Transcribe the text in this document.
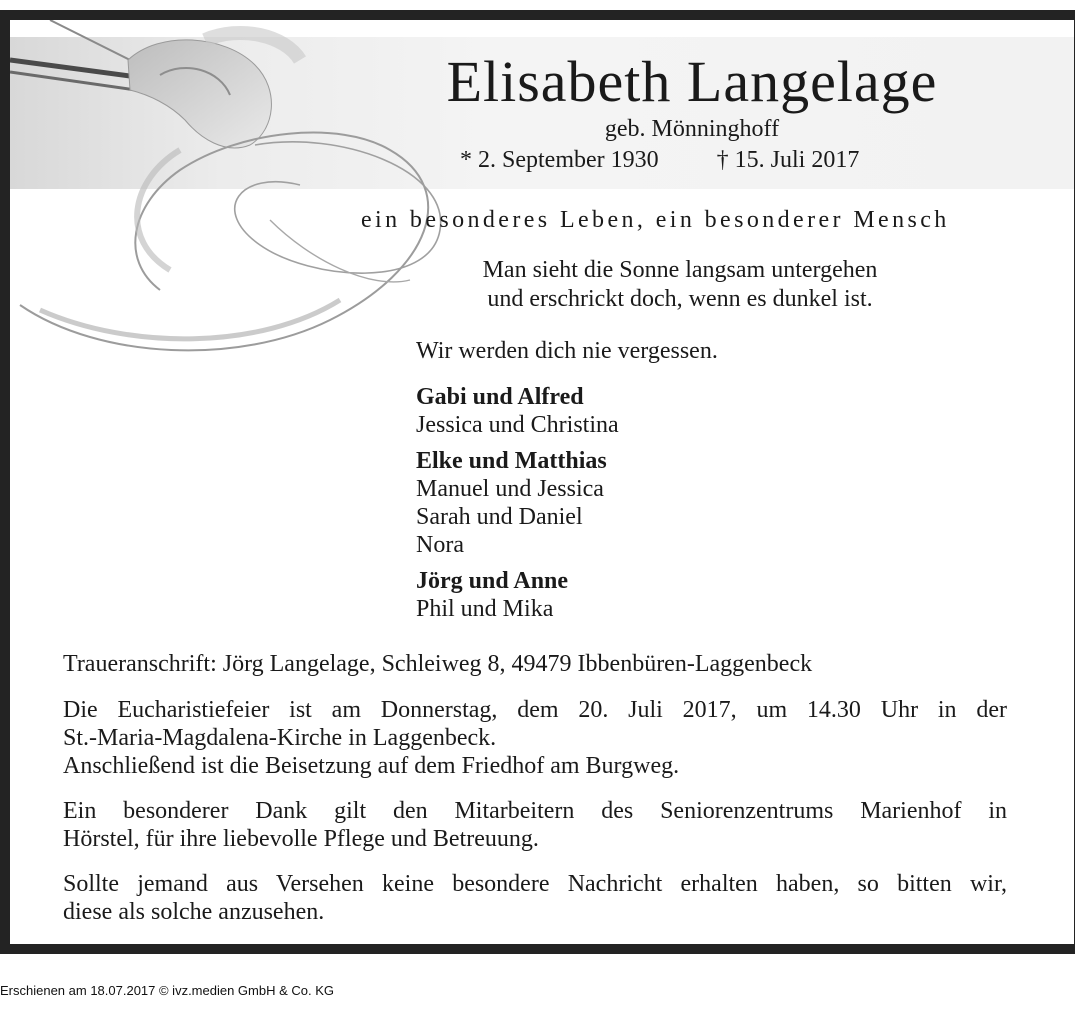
Elisabeth Langelage
geb. Mönninghoff
* 2. September 1930 † 15. Juli 2017
ein besonderes Leben, ein besonderer Mensch
Man sieht die Sonne langsam untergehen
und erschrickt doch, wenn es dunkel ist.
Wir werden dich nie vergessen.
Gabi und Alfred
Jessica und Christina
Elke und Matthias
Manuel und Jessica
Sarah und Daniel
Nora
Jörg und Anne
Phil und Mika

Traueranschrift: Jörg Langelage, Schleiweg 8, 49479 Ibbenbüren-Laggenbeck

Die Eucharistiefeier ist am Donnerstag, dem 20. Juli 2017, um 14.30 Uhr in der

St.-Maria-Magdalena-Kirche in Laggenbeck.

Anschließend ist die Beisetzung auf dem Friedhof am Burgweg.

Ein besonderer Dank gilt den Mitarbeitern des Seniorenzentrums Marienhof in

Hörstel, für ihre liebevolle Pflege und Betreuung.

Sollte jemand aus Versehen keine besondere Nachricht erhalten haben, so bitten wir,

diese als solche anzusehen.

Erschienen am 18.07.2017 © ivz.medien GmbH & Co. KG
